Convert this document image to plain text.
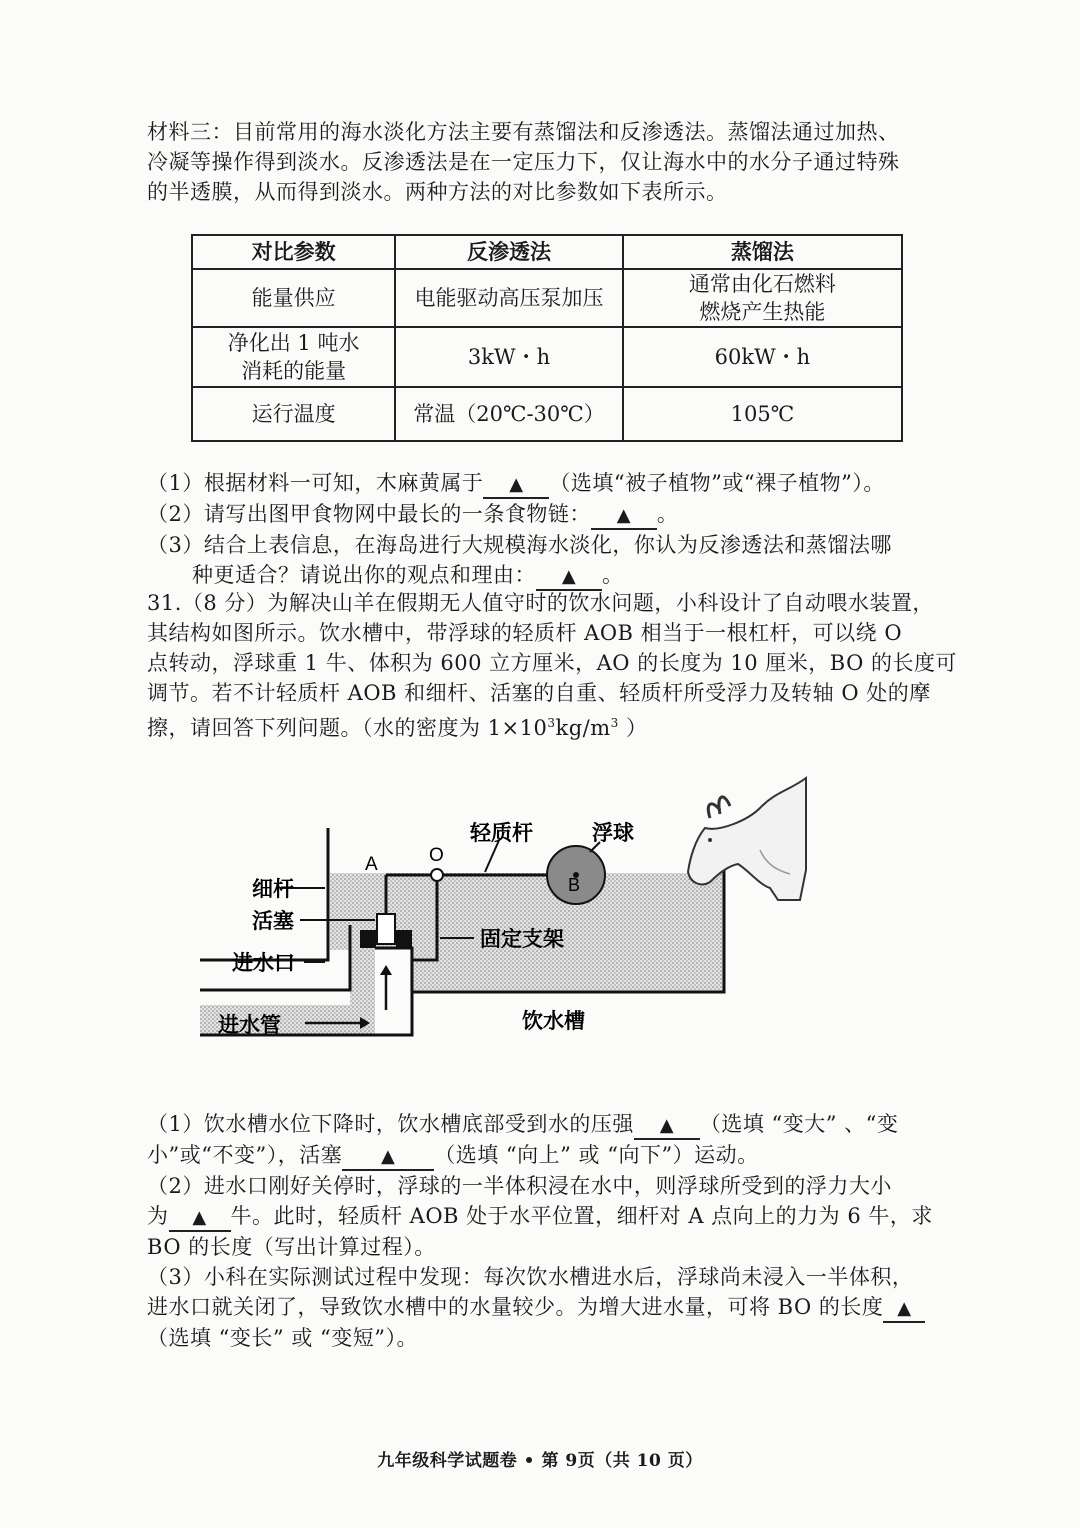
材料三：目前常用的海水淡化方法主要有蒸馏法和反渗透法。蒸馏法通过加热、
冷凝等操作得到淡水。反渗透法是在一定压力下，仅让海水中的水分子通过特殊
的半透膜，从而得到淡水。两种方法的对比参数如下表所示。
对比参数	反渗透法	蒸馏法
能量供应	电能驱动高压泵加压	通常由化石燃料
燃烧产生热能

净化出 1 吨水
消耗的能量	3kW・h	60kW・h
运行温度	常温（20℃-30℃）	105℃
（1）根据材料一可知，木麻黄属于 ▲ （选填“被子植物”或“裸子植物”）。
（2）请写出图甲食物网中最长的一条食物链： ▲ 。
（3）结合上表信息，在海岛进行大规模海水淡化，你认为反渗透法和蒸馏法哪
种更适合？请说出你的观点和理由： ▲ 。
31.（8 分）为解决山羊在假期无人值守时的饮水问题，小科设计了自动喂水装置，
其结构如图所示。饮水槽中，带浮球的轻质杆 AOB 相当于一根杠杆，可以绕 O
点转动，浮球重 1 牛、体积为 600 立方厘米，AO 的长度为 10 厘米，BO 的长度可
调节。若不计轻质杆 AOB 和细杆、活塞的自重、轻质杆所受浮力及转轴 O 处的摩
擦，请回答下列问题。（水的密度为 $1\times 10^3kg/m^3$ ）
A	O
B
轻质杆	浮球
细杆
活塞
进水口
固定支架
进水管	饮水槽
（1）饮水槽水位下降时，饮水槽底部受到水的压强 ▲ （选填 “变大” 、“变
小”或“不变”），活塞 ▲ （选填 “向上” 或 “向下”）运动。
（2）进水口刚好关停时，浮球的一半体积浸在水中，则浮球所受到的浮力大小
为 ▲ 牛。此时，轻质杆 AOB 处于水平位置，细杆对 A 点向上的力为 6 牛，求
BO 的长度（写出计算过程）。
（3）小科在实际测试过程中发现：每次饮水槽进水后，浮球尚未浸入一半体积，
进水口就关闭了，导致饮水槽中的水量较少。为增大进水量，可将 BO 的长度 ▲
（选填 “变长” 或 “变短”）。
九年级科学试题卷 • 第 9页（共 10 页）
